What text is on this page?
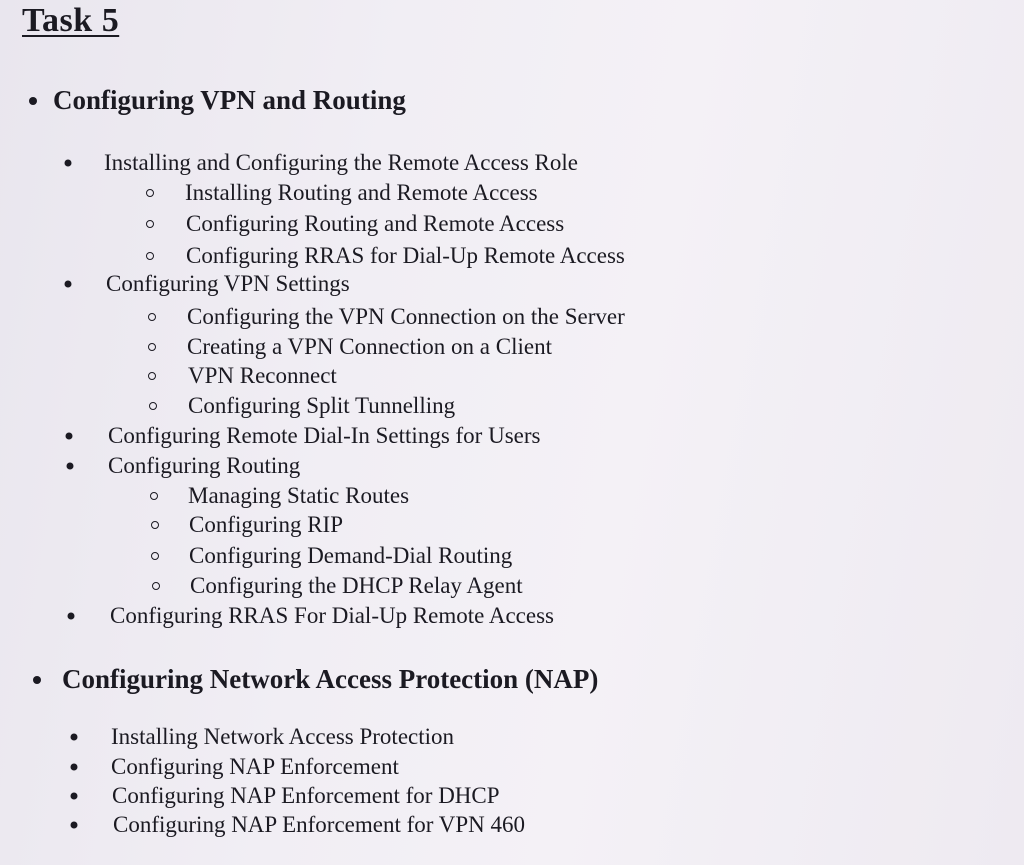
Task 5
Configuring VPN and Routing
Installing and Configuring the Remote Access Role
Installing Routing and Remote Access
Configuring Routing and Remote Access
Configuring RRAS for Dial-Up Remote Access
Configuring VPN Settings
Configuring the VPN Connection on the Server
Creating a VPN Connection on a Client
VPN Reconnect
Configuring Split Tunnelling
Configuring Remote Dial-In Settings for Users
Configuring Routing
Managing Static Routes
Configuring RIP
Configuring Demand-Dial Routing
Configuring the DHCP Relay Agent
Configuring RRAS For Dial-Up Remote Access
Configuring Network Access Protection (NAP)
Installing Network Access Protection
Configuring NAP Enforcement
Configuring NAP Enforcement for DHCP
Configuring NAP Enforcement for VPN 460
